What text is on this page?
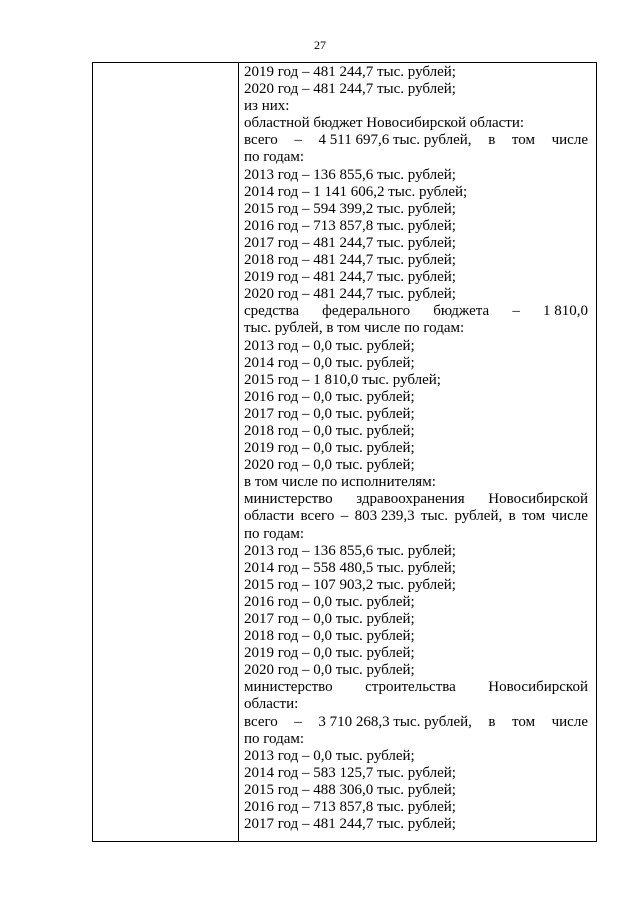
27
2019 год – 481 244,7 тыс. рублей;
2020 год – 481 244,7 тыс. рублей;
из них:
областной бюджет Новосибирской области:
всего – 4 511 697,6 тыс. рублей, в том числе
по годам:
2013 год – 136 855,6 тыс. рублей;
2014 год – 1 141 606,2 тыс. рублей;
2015 год – 594 399,2 тыс. рублей;
2016 год – 713 857,8 тыс. рублей;
2017 год – 481 244,7 тыс. рублей;
2018 год – 481 244,7 тыс. рублей;
2019 год – 481 244,7 тыс. рублей;
2020 год – 481 244,7 тыс. рублей;
средства федерального бюджета – 1 810,0
тыс. рублей, в том числе по годам:
2013 год – 0,0 тыс. рублей;
2014 год – 0,0 тыс. рублей;
2015 год – 1 810,0 тыс. рублей;
2016 год – 0,0 тыс. рублей;
2017 год – 0,0 тыс. рублей;
2018 год – 0,0 тыс. рублей;
2019 год – 0,0 тыс. рублей;
2020 год – 0,0 тыс. рублей;
в том числе по исполнителям:
министерство здравоохранения Новосибирской
области всего – 803 239,3 тыс. рублей, в том числе
по годам:
2013 год – 136 855,6 тыс. рублей;
2014 год – 558 480,5 тыс. рублей;
2015 год – 107 903,2 тыс. рублей;
2016 год – 0,0 тыс. рублей;
2017 год – 0,0 тыс. рублей;
2018 год – 0,0 тыс. рублей;
2019 год – 0,0 тыс. рублей;
2020 год – 0,0 тыс. рублей;
министерство строительства Новосибирской
области:
всего – 3 710 268,3 тыс. рублей, в том числе
по годам:
2013 год – 0,0 тыс. рублей;
2014 год – 583 125,7 тыс. рублей;
2015 год – 488 306,0 тыс. рублей;
2016 год – 713 857,8 тыс. рублей;
2017 год – 481 244,7 тыс. рублей;
